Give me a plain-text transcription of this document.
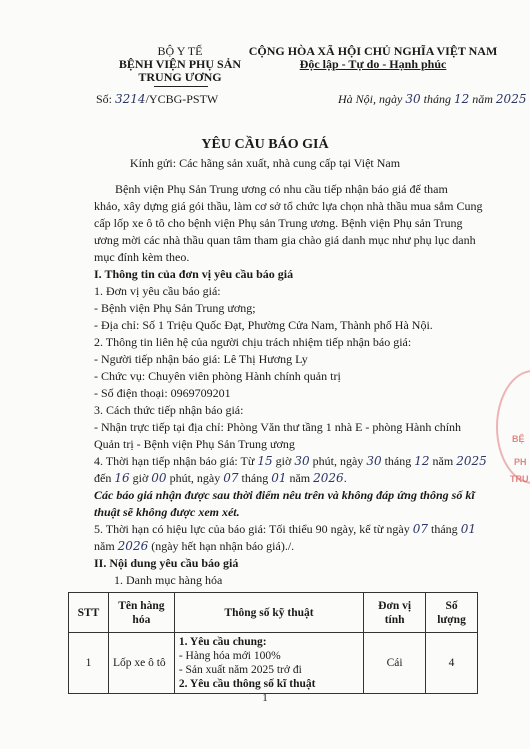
BỘ Y TẾ
BỆNH VIỆN PHỤ SẢN
TRUNG ƯƠNG
Số: 3214/YCBG-PSTW
CỘNG HÒA XÃ HỘI CHỦ NGHĨA VIỆT NAM
Độc lập - Tự do - Hạnh phúc
Hà Nội, ngày 30 tháng 12 năm 2025
YÊU CẦU BÁO GIÁ
Kính gửi: Các hãng sản xuất, nhà cung cấp tại Việt Nam
Bệnh viện Phụ Sản Trung ương có nhu cầu tiếp nhận báo giá để tham
khảo, xây dựng giá gói thầu, làm cơ sở tổ chức lựa chọn nhà thầu mua sắm Cung
cấp lốp xe ô tô cho bệnh viện Phụ sản Trung ương. Bệnh viện Phụ sản Trung
ương mời các nhà thầu quan tâm tham gia chào giá danh mục như phụ lục danh
mục đính kèm theo.
I. Thông tin của đơn vị yêu cầu báo giá
1. Đơn vị yêu cầu báo giá:
- Bệnh viện Phụ Sản Trung ương;
- Địa chỉ: Số 1 Triệu Quốc Đạt, Phường Cửa Nam, Thành phố Hà Nội.
2. Thông tin liên hệ của người chịu trách nhiệm tiếp nhận báo giá:
- Người tiếp nhận báo giá: Lê Thị Hương Ly
- Chức vụ: Chuyên viên phòng Hành chính quản trị
- Số điện thoại: 0969709201
3. Cách thức tiếp nhận báo giá:
- Nhận trực tiếp tại địa chỉ: Phòng Văn thư tầng 1 nhà E - phòng Hành chính
Quản trị - Bệnh viện Phụ Sản Trung ương
4. Thời hạn tiếp nhận báo giá: Từ 15 giờ 30 phút, ngày 30 tháng 12 năm 2025
đến 16 giờ 00 phút, ngày 07 tháng 01 năm 2026.
Các báo giá nhận được sau thời điểm nêu trên và không đáp ứng thông số kĩ
thuật sẽ không được xem xét.
5. Thời hạn có hiệu lực của báo giá: Tối thiểu 90 ngày, kể từ ngày 07 tháng 01
năm 2026 (ngày hết hạn nhận báo giá)./.
II. Nội dung yêu cầu báo giá
1. Danh mục hàng hóa
STT	Tên hàng hóa	Thông số kỹ thuật	Đơn vị tính	Số lượng
1	Lốp xe ô tô	1. Yêu cầu chung:
- Hàng hóa mới 100%
- Sản xuất năm 2025 trở đi
2. Yêu cầu thông số kĩ thuật	Cái	4
1
BỆ
PH
TRU
